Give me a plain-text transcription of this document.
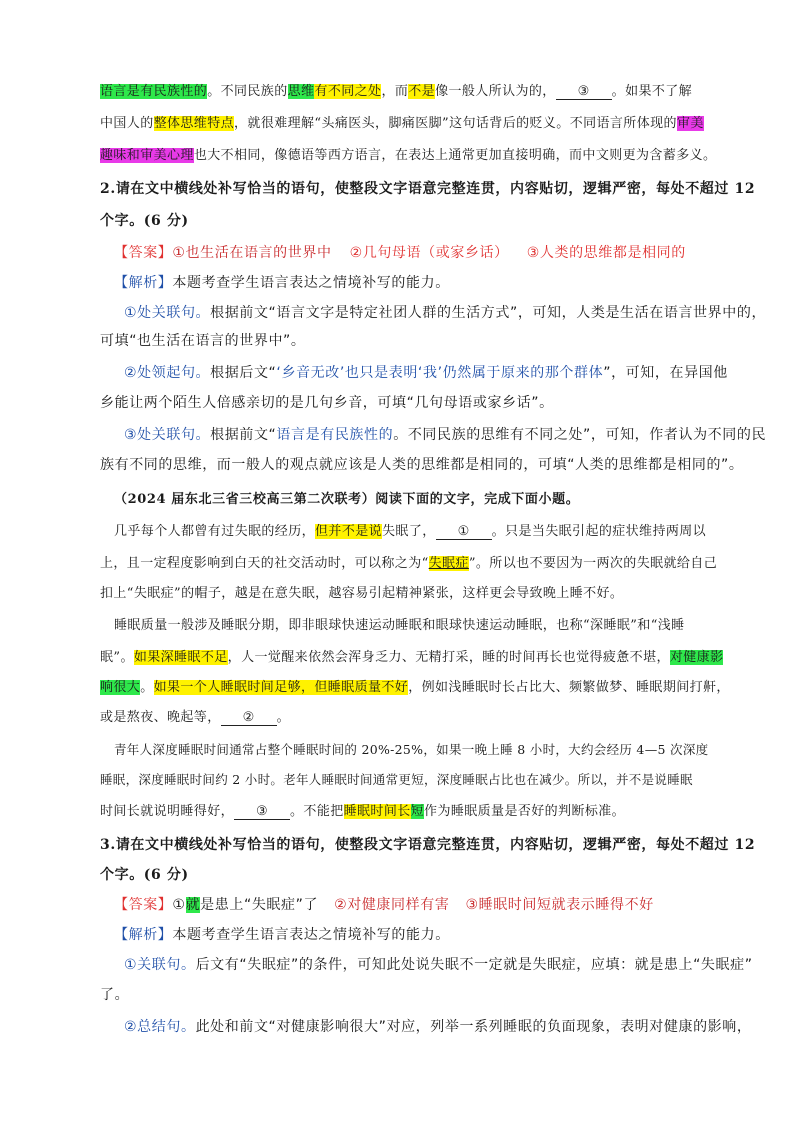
语言是有民族性的。不同民族的思维有不同之处，而不是像一般人所认为的， ③ 。如果不了解
中国人的整体思维特点，就很难理解“头痛医头，脚痛医脚”这句话背后的贬义。不同语言所体现的审美
趣味和审美心理也大不相同，像德语等西方语言，在表达上通常更加直接明确，而中文则更为含蓄多义。
2.请在文中横线处补写恰当的语句，使整段文字语意完整连贯，内容贴切，逻辑严密，每处不超过 12
个字。(6 分)
【答案】①也生活在语言的世界中 ②几句母语（或家乡话） ③人类的思维都是相同的
【解析】本题考查学生语言表达之情境补写的能力。
①处关联句。根据前文“语言文字是特定社团人群的生活方式”，可知，人类是生活在语言世界中的，
可填“也生活在语言的世界中”。
②处领起句。根据后文“‘乡音无改’也只是表明‘我’仍然属于原来的那个群体”，可知，在异国他
乡能让两个陌生人倍感亲切的是几句乡音，可填“几句母语或家乡话”。
③处关联句。根据前文“语言是有民族性的。不同民族的思维有不同之处”，可知，作者认为不同的民
族有不同的思维，而一般人的观点就应该是人类的思维都是相同的，可填“人类的思维都是相同的”。
（2024 届东北三省三校高三第二次联考）阅读下面的文字，完成下面小题。
几乎每个人都曾有过失眠的经历，但并不是说失眠了， ① 。只是当失眠引起的症状维持两周以
上，且一定程度影响到白天的社交活动时，可以称之为“失眠症”。所以也不要因为一两次的失眠就给自己
扣上“失眠症”的帽子，越是在意失眠，越容易引起精神紧张，这样更会导致晚上睡不好。
睡眠质量一般涉及睡眠分期，即非眼球快速运动睡眠和眼球快速运动睡眠，也称“深睡眠”和“浅睡
眠”。如果深睡眠不足，人一觉醒来依然会浑身乏力、无精打采，睡的时间再长也觉得疲惫不堪，对健康影
响很大。如果一个人睡眠时间足够，但睡眠质量不好，例如浅睡眠时长占比大、频繁做梦、睡眠期间打鼾，
或是熬夜、晚起等， ② 。
青年人深度睡眠时间通常占整个睡眠时间的 20%-25%，如果一晚上睡 8 小时，大约会经历 4—5 次深度
睡眠，深度睡眠时间约 2 小时。老年人睡眠时间通常更短，深度睡眠占比也在减少。所以，并不是说睡眠
时间长就说明睡得好， ③ 。不能把睡眠时间长短作为睡眠质量是否好的判断标准。
3.请在文中横线处补写恰当的语句，使整段文字语意完整连贯，内容贴切，逻辑严密，每处不超过 12
个字。(6 分)
【答案】①就是患上“失眠症”了 ②对健康同样有害 ③睡眠时间短就表示睡得不好
【解析】本题考查学生语言表达之情境补写的能力。
①关联句。后文有“失眠症”的条件，可知此处说失眠不一定就是失眠症，应填：就是患上“失眠症”
了。
②总结句。此处和前文“对健康影响很大”对应，列举一系列睡眠的负面现象，表明对健康的影响，
